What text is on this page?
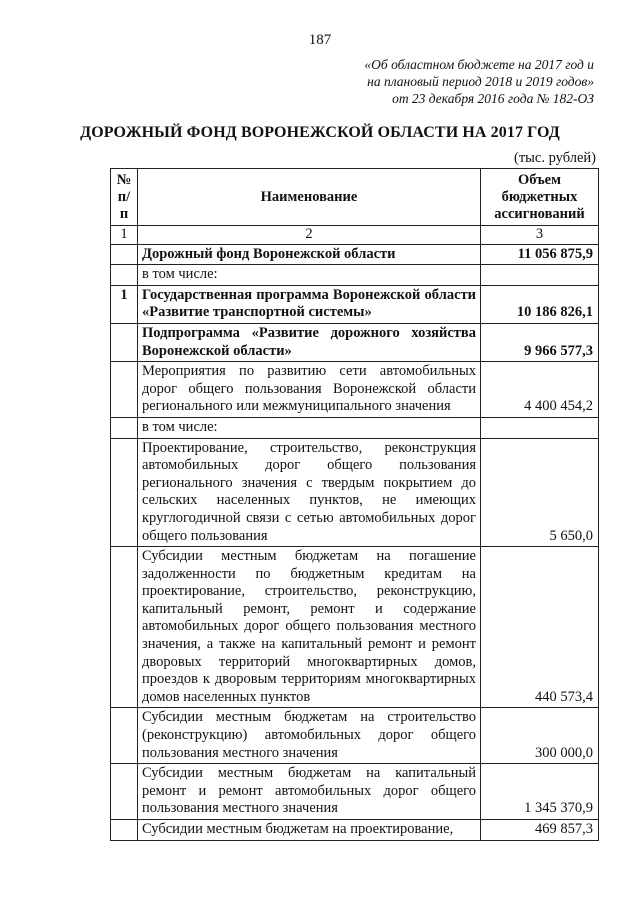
187
«Об областном бюджете на 2017 год и
на плановый период 2018 и 2019 годов»
от 23 декабря 2016 года № 182-ОЗ
ДОРОЖНЫЙ ФОНД ВОРОНЕЖСКОЙ ОБЛАСТИ НА 2017 ГОД
(тыс. рублей)
№ п/п	Наименование	Объем бюджетных ассигнований
1	2	3
	Дорожный фонд Воронежской области	11 056 875,9
	в том числе:	
1	Государственная программа Воронежской области «Развитие транспортной системы»	10 186 826,1
	Подпрограмма «Развитие дорожного хозяйства Воронежской области»	9 966 577,3
	Мероприятия по развитию сети автомобильных дорог общего пользования Воронежской области регионального или межмуниципального значения	4 400 454,2
	в том числе:	
	Проектирование, строительство, реконструкция автомобильных дорог общего пользования регионального значения с твердым покрытием до сельских населенных пунктов, не имеющих круглогодичной связи с сетью автомобильных дорог общего пользования	5 650,0
	Субсидии местным бюджетам на погашение задолженности по бюджетным кредитам на проектирование, строительство, реконструкцию, капитальный ремонт, ремонт и содержание автомобильных дорог общего пользования местного значения, а также на капитальный ремонт и ремонт дворовых территорий многоквартирных домов, проездов к дворовым территориям многоквартирных домов населенных пунктов	440 573,4
	Субсидии местным бюджетам на строительство (реконструкцию) автомобильных дорог общего пользования местного значения	300 000,0
	Субсидии местным бюджетам на капитальный ремонт и ремонт автомобильных дорог общего пользования местного значения	1 345 370,9
	Субсидии местным бюджетам на проектирование,	469 857,3
